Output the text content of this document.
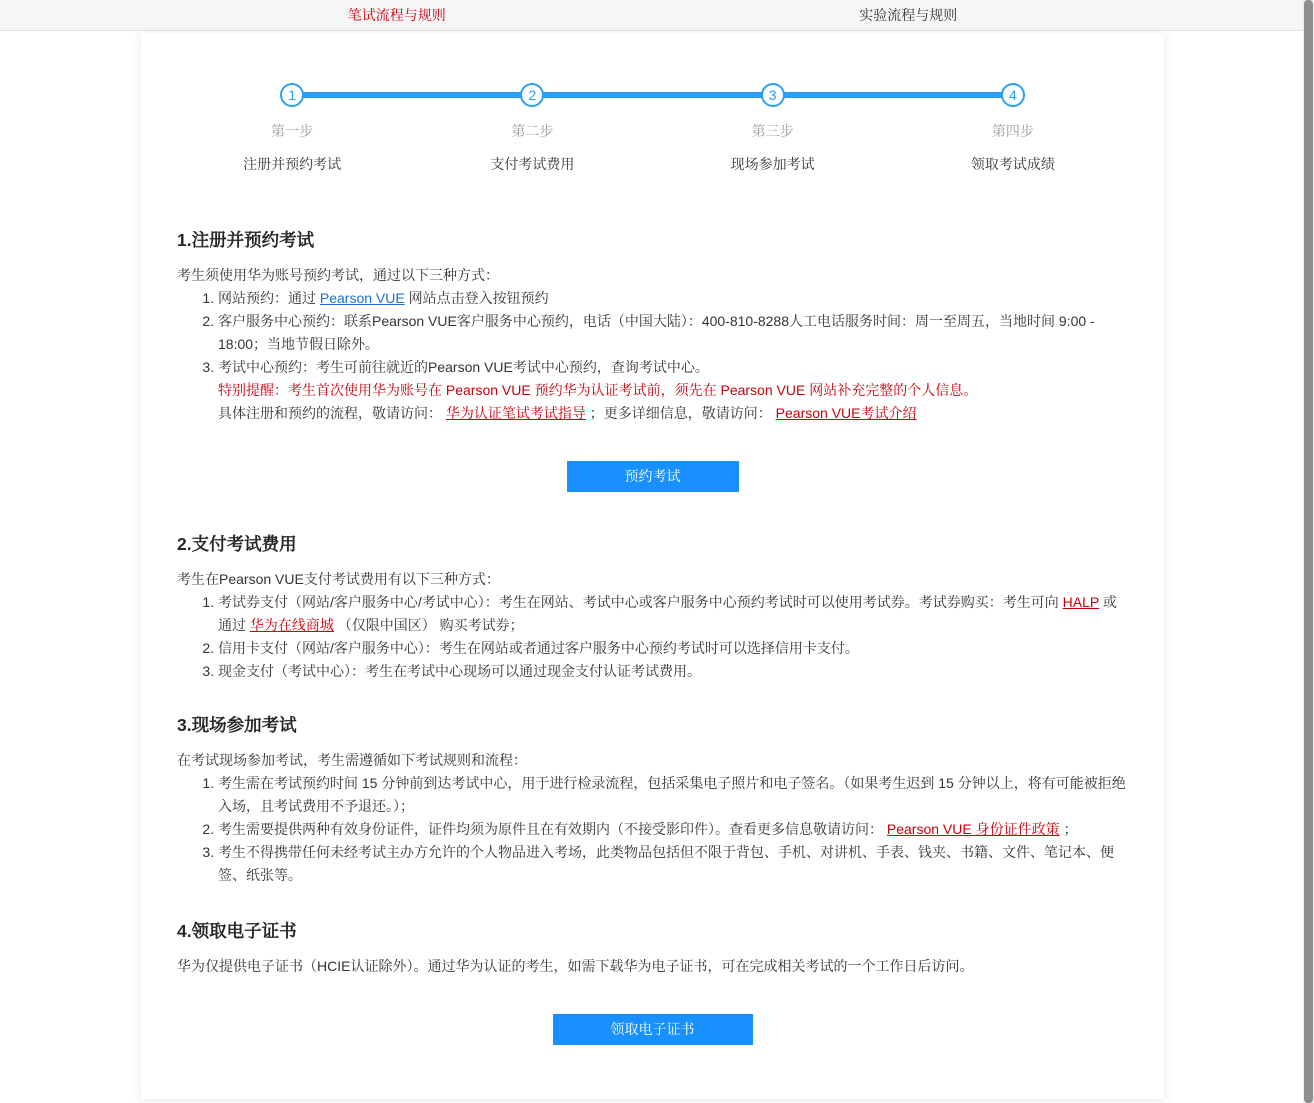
笔试流程与规则	实验流程与规则
1
第一步
注册并预约考试
2
第二步
支付考试费用
3
第三步
现场参加考试
4
第四步
领取考试成绩
1.注册并预约考试

考生须使用华为账号预约考试，通过以下三种方式：

1. 网站预约：通过 Pearson VUE 网站点击登入按钮预约
2. 客户服务中心预约：联系Pearson VUE客户服务中心预约，电话（中国大陆）：400-810-8288人工电话服务时间：周一至周五，当地时间 9:00 - 18:00；当地节假日除外。
3. 考试中心预约：考生可前往就近的Pearson VUE考试中心预约，查询考试中心。

特别提醒：考生首次使用华为账号在 Pearson VUE 预约华为认证考试前，须先在 Pearson VUE 网站补充完整的个人信息。

具体注册和预约的流程，敬请访问： 华为认证笔试考试指导 ；更多详细信息，敬请访问： Pearson VUE考试介绍

预约考试
2.支付考试费用

考生在Pearson VUE支付考试费用有以下三种方式：

1. 考试券支付（网站/客户服务中心/考试中心）：考生在网站、考试中心或客户服务中心预约考试时可以使用考试券。考试券购买：考生可向 HALP 或通过 华为在线商城 （仅限中国区） 购买考试券；
2. 信用卡支付（网站/客户服务中心）：考生在网站或者通过客户服务中心预约考试时可以选择信用卡支付。
3. 现金支付（考试中心）：考生在考试中心现场可以通过现金支付认证考试费用。
3.现场参加考试

在考试现场参加考试，考生需遵循如下考试规则和流程：

1. 考生需在考试预约时间 15 分钟前到达考试中心，用于进行检录流程，包括采集电子照片和电子签名。（如果考生迟到 15 分钟以上，将有可能被拒绝入场，且考试费用不予退还。）；
2. 考生需要提供两种有效身份证件，证件均须为原件且在有效期内（不接受影印件）。查看更多信息敬请访问： Pearson VUE 身份证件政策 ；
3. 考生不得携带任何未经考试主办方允许的个人物品进入考场，此类物品包括但不限于背包、手机、对讲机、手表、钱夹、书籍、文件、笔记本、便签、纸张等。
4.领取电子证书

华为仅提供电子证书（HCIE认证除外）。通过华为认证的考生，如需下载华为电子证书，可在完成相关考试的一个工作日后访问。

领取电子证书
